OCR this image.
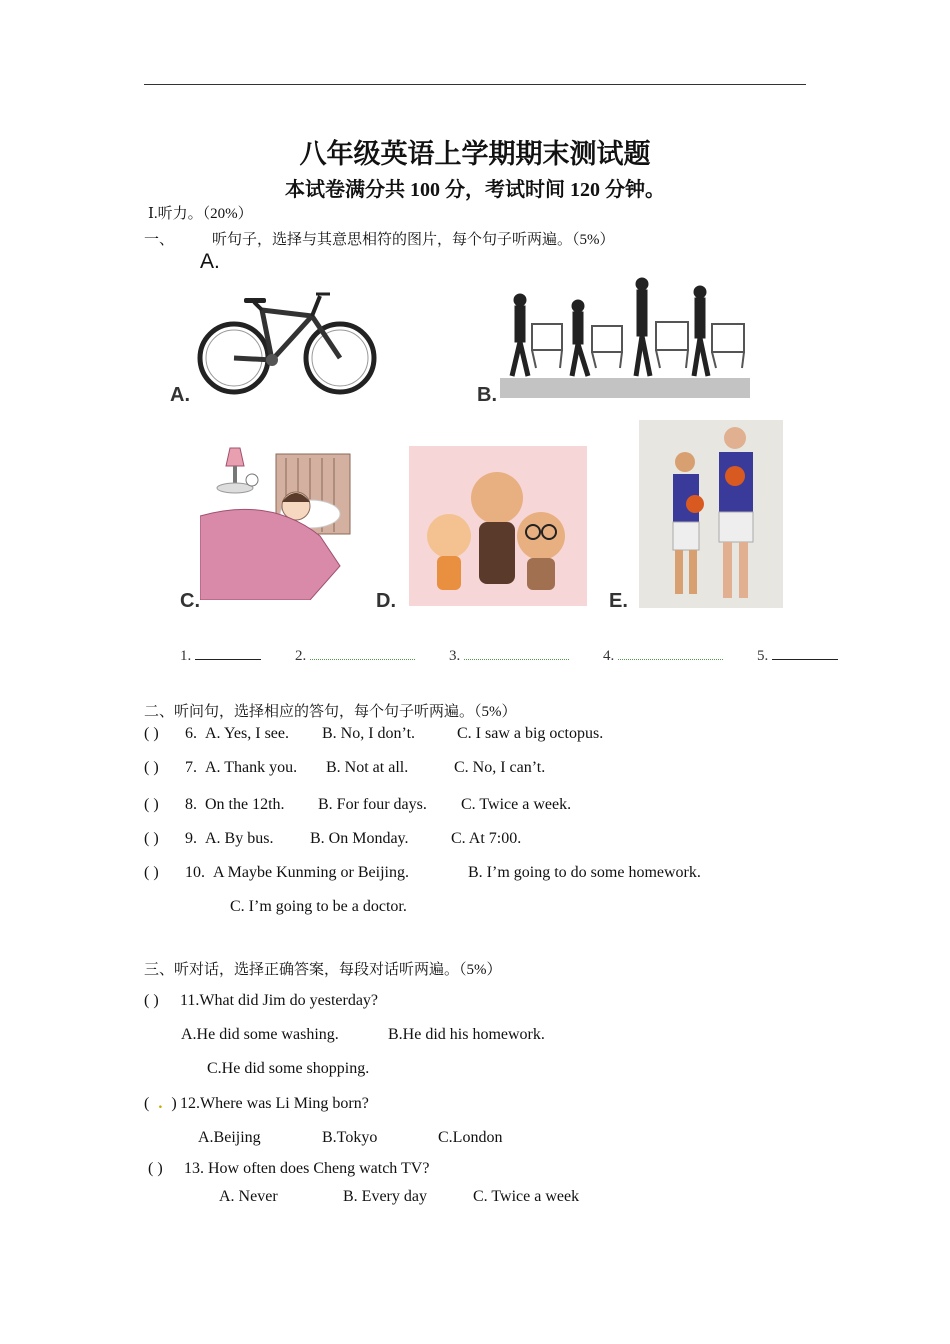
八年级英语上学期期末测试题
本试卷满分共 100 分，考试时间 120 分钟。
Ⅰ.听力。（20%）
一、	听句子，选择与其意思相符的图片，每个句子听两遍。（5%）
A.
A.	B.
C.	D.	E.
1.	2.	3.	4.	5.
二、听问句，选择相应的答句，每个句子听两遍。（5%）
( ) 6. A. Yes, I see. B. No, I don’t.	C. I saw a big octopus.
( ) 7. A. Thank you. B. Not at all.	C. No, I can’t.
( ) 8. On the 12th. B. For four days. C. Twice a week.
( ) 9. A. By bus. B. On Monday.	C. At 7:00.
( ) 10. A Maybe Kunming or Beijing.	B. I’m going to do some homework.
C. I’m going to be a doctor.
三、听对话，选择正确答案，每段对话听两遍。（5%）
( ) 11.What did Jim do yesterday?
A.He did some washing.	B.He did his homework.
C.He did some shopping.
( . ) 12.Where was Li Ming born?
A.Beijing	B.Tokyo	C.London
( ) 13. How often does Cheng watch TV?
A. Never	B. Every day	C. Twice a week
